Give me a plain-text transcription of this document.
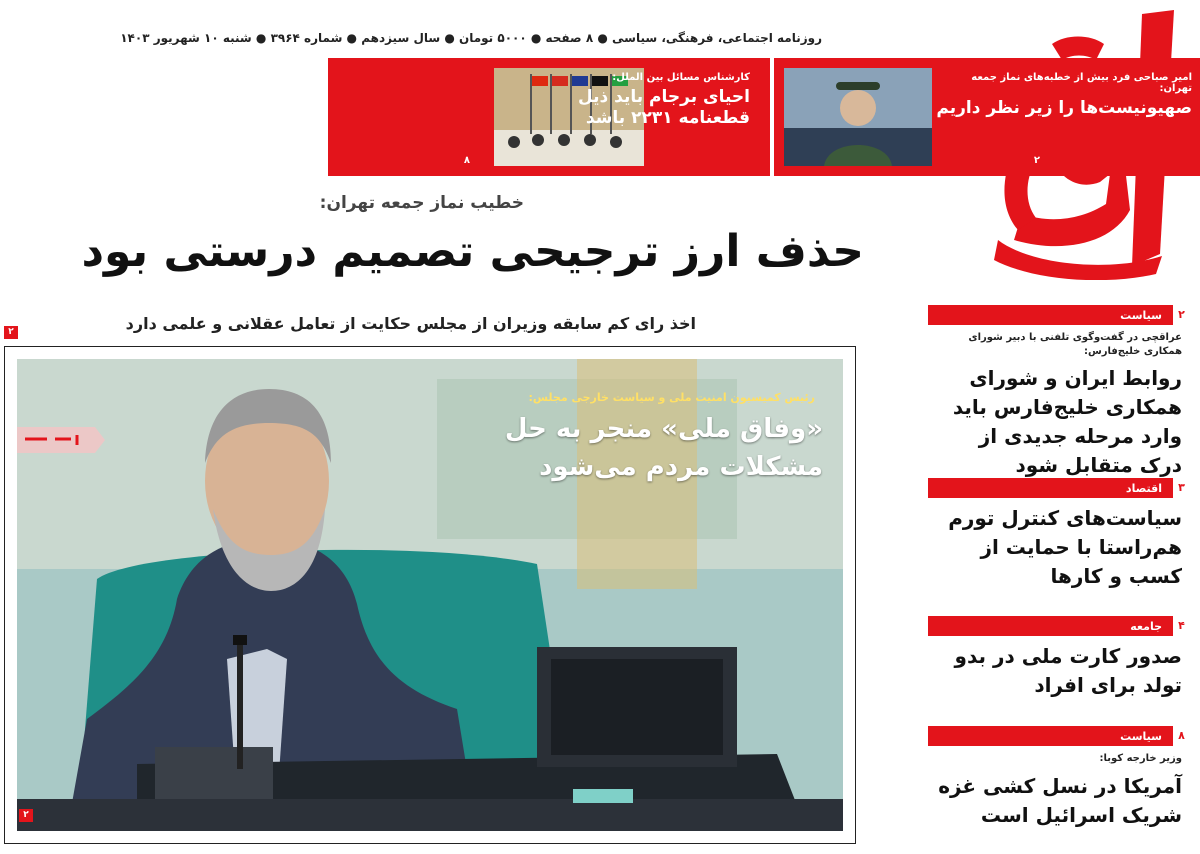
روزنامه اجتماعی، فرهنگی، سیاسی ● ۸ صفحه ● ۵۰۰۰ تومان ● سال سیزدهم ● شماره ۳۹۶۴ ● شنبه ۱۰ شهریور ۱۴۰۳
امیر صباحی فرد بیش از خطبه‌های نماز جمعه تهران:
صهیونیست‌ها را زیر نظر داریم
۲
کارشناس مسائل بین الملل:
احیای برجام باید ذیل قطعنامه ۲۲۳۱ باشد
۸
خطیب نماز جمعه تهران:
حذف ارز ترجیحی تصمیم درستی بود
اخذ رای کم سابقه وزیران از مجلس حکایت از تعامل عقلانی و علمی دارد
۲
رئیس کمیسیون امنیت ملی و سیاست خارجی مجلس:
«وفاق ملی» منجر به حل مشکلات مردم می‌شود
۲
۲
سیاست
عراقچی در گفت‌وگوی تلفنی با دبیر شورای همکاری خلیج‌فارس:
روابط ایران و شورای همکاری خلیج‌فارس باید وارد مرحله جدیدی از درک متقابل شود
۳
اقتصاد
سیاست‌های کنترل تورم هم‌راستا با حمایت از کسب و کارها
۴
جامعه
صدور کارت ملی در بدو تولد برای افراد
۸
سیاست
وزیر خارجه کوبا:
آمریکا در نسل کشی غزه شریک اسرائیل است
